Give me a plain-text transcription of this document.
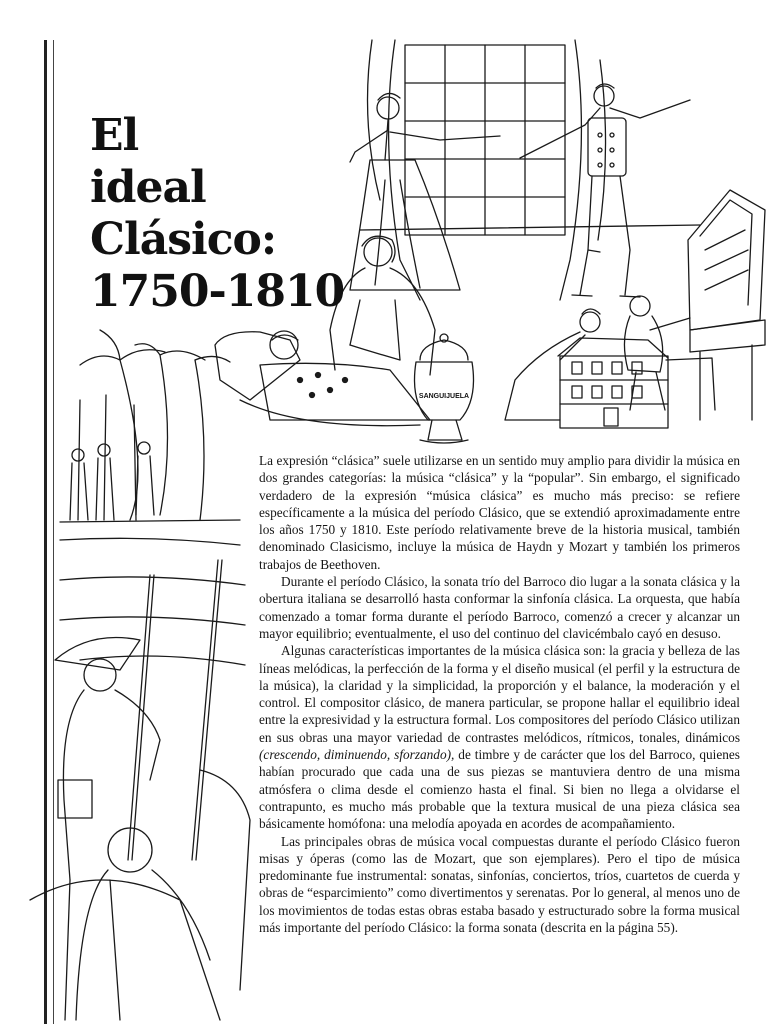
El
ideal
Clásico:
1750-1810
SANGUIJUELA

La expresión “clásica” suele utilizarse en un sentido muy amplio para dividir la música en dos grandes categorías: la música “clásica” y la “popular”. Sin embargo, el significado verdadero de la expresión “música clásica” es mucho más preciso: se refiere específicamente a la música del período Clásico, que se extendió aproximadamente entre los años 1750 y 1810. Este período relativamente breve de la historia musical, también denominado Clasicismo, incluye la música de Haydn y Mozart y también los primeros trabajos de Beethoven.

Durante el período Clásico, la sonata trío del Barroco dio lugar a la sonata clásica y la obertura italiana se desarrolló hasta conformar la sinfonía clásica. La orquesta, que había comenzado a tomar forma durante el período Barroco, comenzó a crecer y alcanzar un mayor equilibrio; eventualmente, el uso del continuo del clavicémbalo cayó en desuso.

Algunas características importantes de la música clásica son: la gracia y belleza de las líneas melódicas, la perfección de la forma y el diseño musical (el perfil y la estructura de la música), la claridad y la simplicidad, la proporción y el balance, la moderación y el control. El compositor clásico, de manera particular, se propone hallar el equilibrio ideal entre la expresividad y la estructura formal. Los compositores del período Clásico utilizan en sus obras una mayor variedad de contrastes melódicos, rítmicos, tonales, dinámicos (crescendo, diminuendo, sforzando), de timbre y de carácter que los del Barroco, quienes habían procurado que cada una de sus piezas se mantuviera dentro de una misma atmósfera o clima desde el comienzo hasta el final. Si bien no llega a olvidarse el contrapunto, es mucho más probable que la textura musical de una pieza clásica sea básicamente homófona: una melodía apoyada en acordes de acompañamiento.

Las principales obras de música vocal compuestas durante el período Clásico fueron misas y óperas (como las de Mozart, que son ejemplares). Pero el tipo de música predominante fue instrumental: sonatas, sinfonías, conciertos, tríos, cuartetos de cuerda y obras de “esparcimiento” como divertimentos y serenatas. Por lo general, al menos uno de los movimientos de todas estas obras estaba basado y estructurado sobre la forma musical más importante del período Clásico: la forma sonata (descrita en la página 55).
